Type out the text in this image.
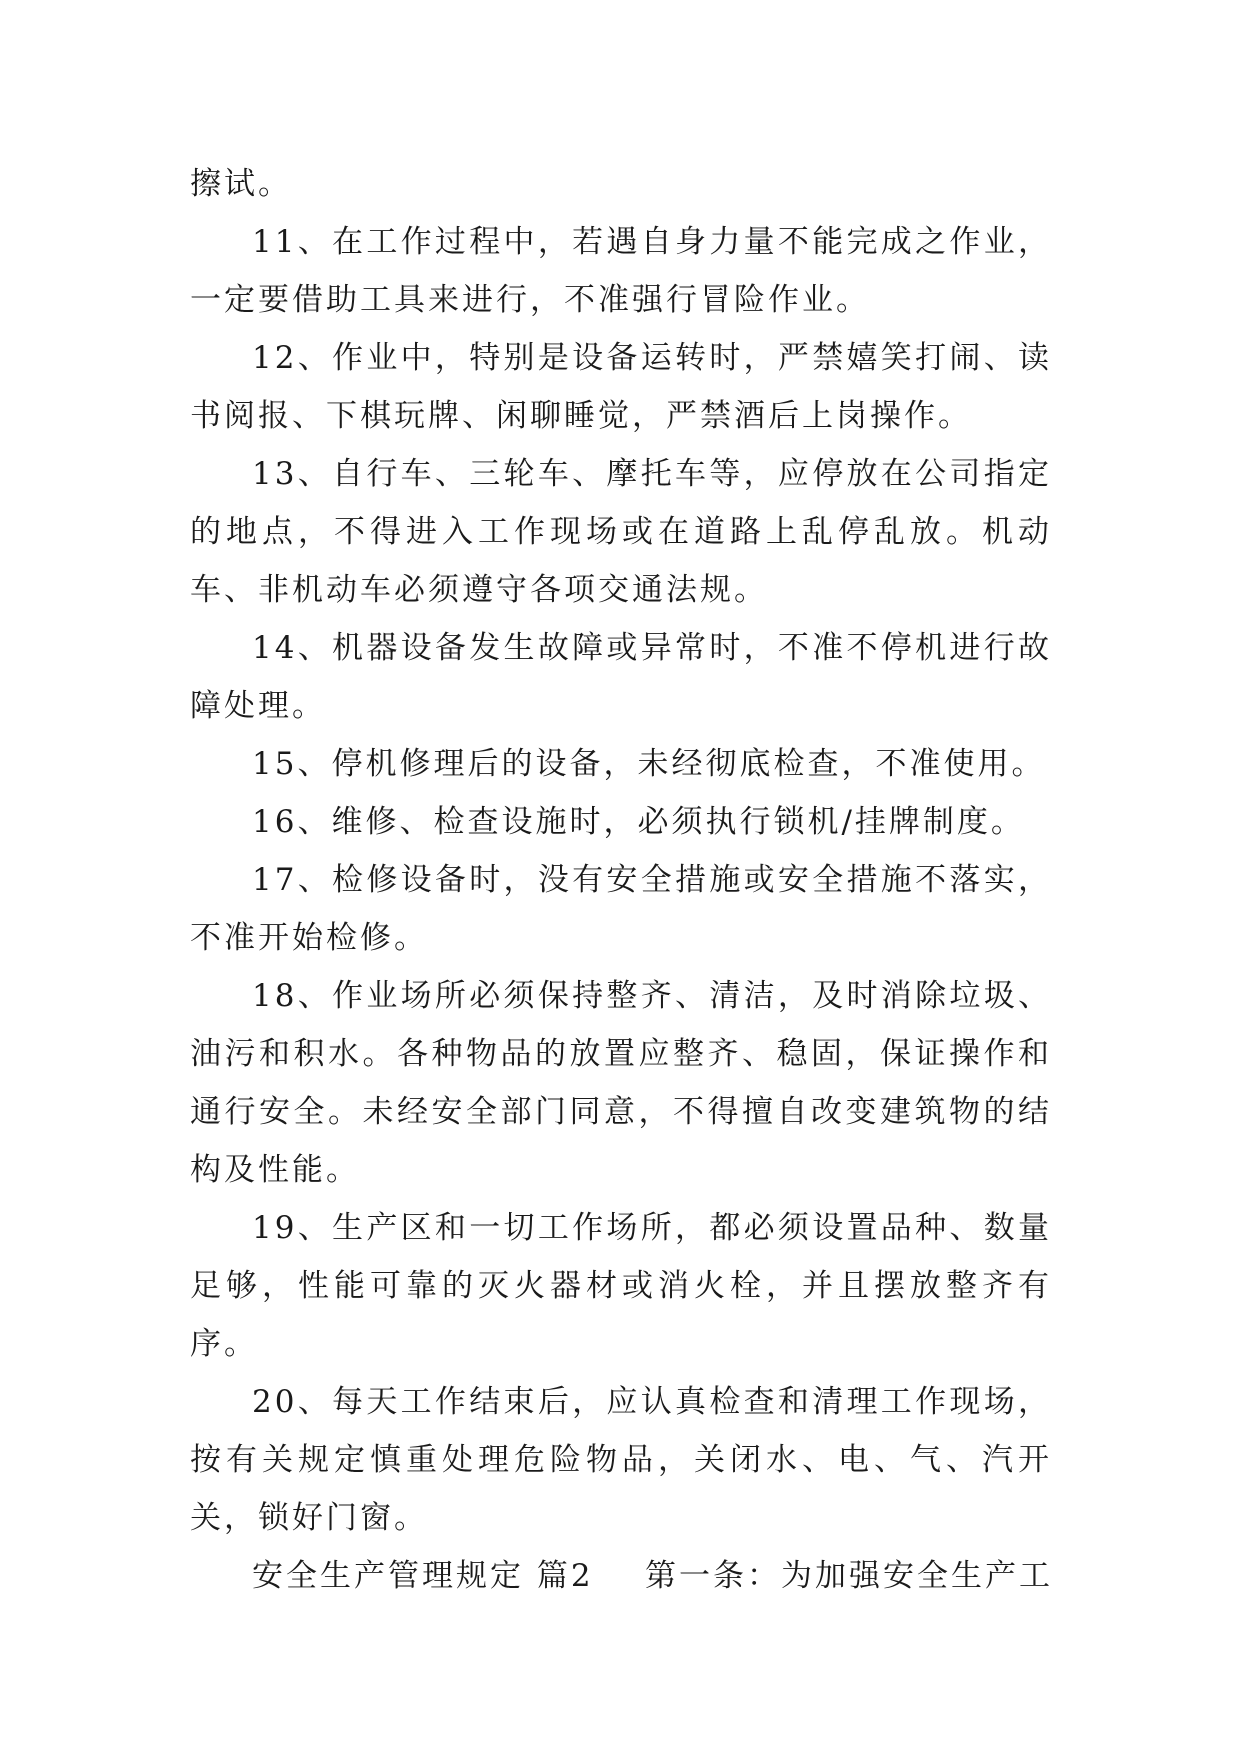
擦试。

11、在工作过程中，若遇自身力量不能完成之作业，一定要借助工具来进行，不准强行冒险作业。

12、作业中，特别是设备运转时，严禁嬉笑打闹、读书阅报、下棋玩牌、闲聊睡觉，严禁酒后上岗操作。

13、自行车、三轮车、摩托车等，应停放在公司指定的地点，不得进入工作现场或在道路上乱停乱放。机动车、非机动车必须遵守各项交通法规。

14、机器设备发生故障或异常时，不准不停机进行故障处理。

15、停机修理后的设备，未经彻底检查，不准使用。

16、维修、检查设施时，必须执行锁机/挂牌制度。

17、检修设备时，没有安全措施或安全措施不落实，不准开始检修。

18、作业场所必须保持整齐、清洁，及时消除垃圾、油污和积水。各种物品的放置应整齐、稳固，保证操作和通行安全。未经安全部门同意，不得擅自改变建筑物的结构及性能。

19、生产区和一切工作场所，都必须设置品种、数量足够，性能可靠的灭火器材或消火栓，并且摆放整齐有序。

20、每天工作结束后，应认真检查和清理工作现场，按有关规定慎重处理危险物品，关闭水、电、气、汽开关，锁好门窗。

安全生产管理规定 篇2    第一条：为加强安全生产工
